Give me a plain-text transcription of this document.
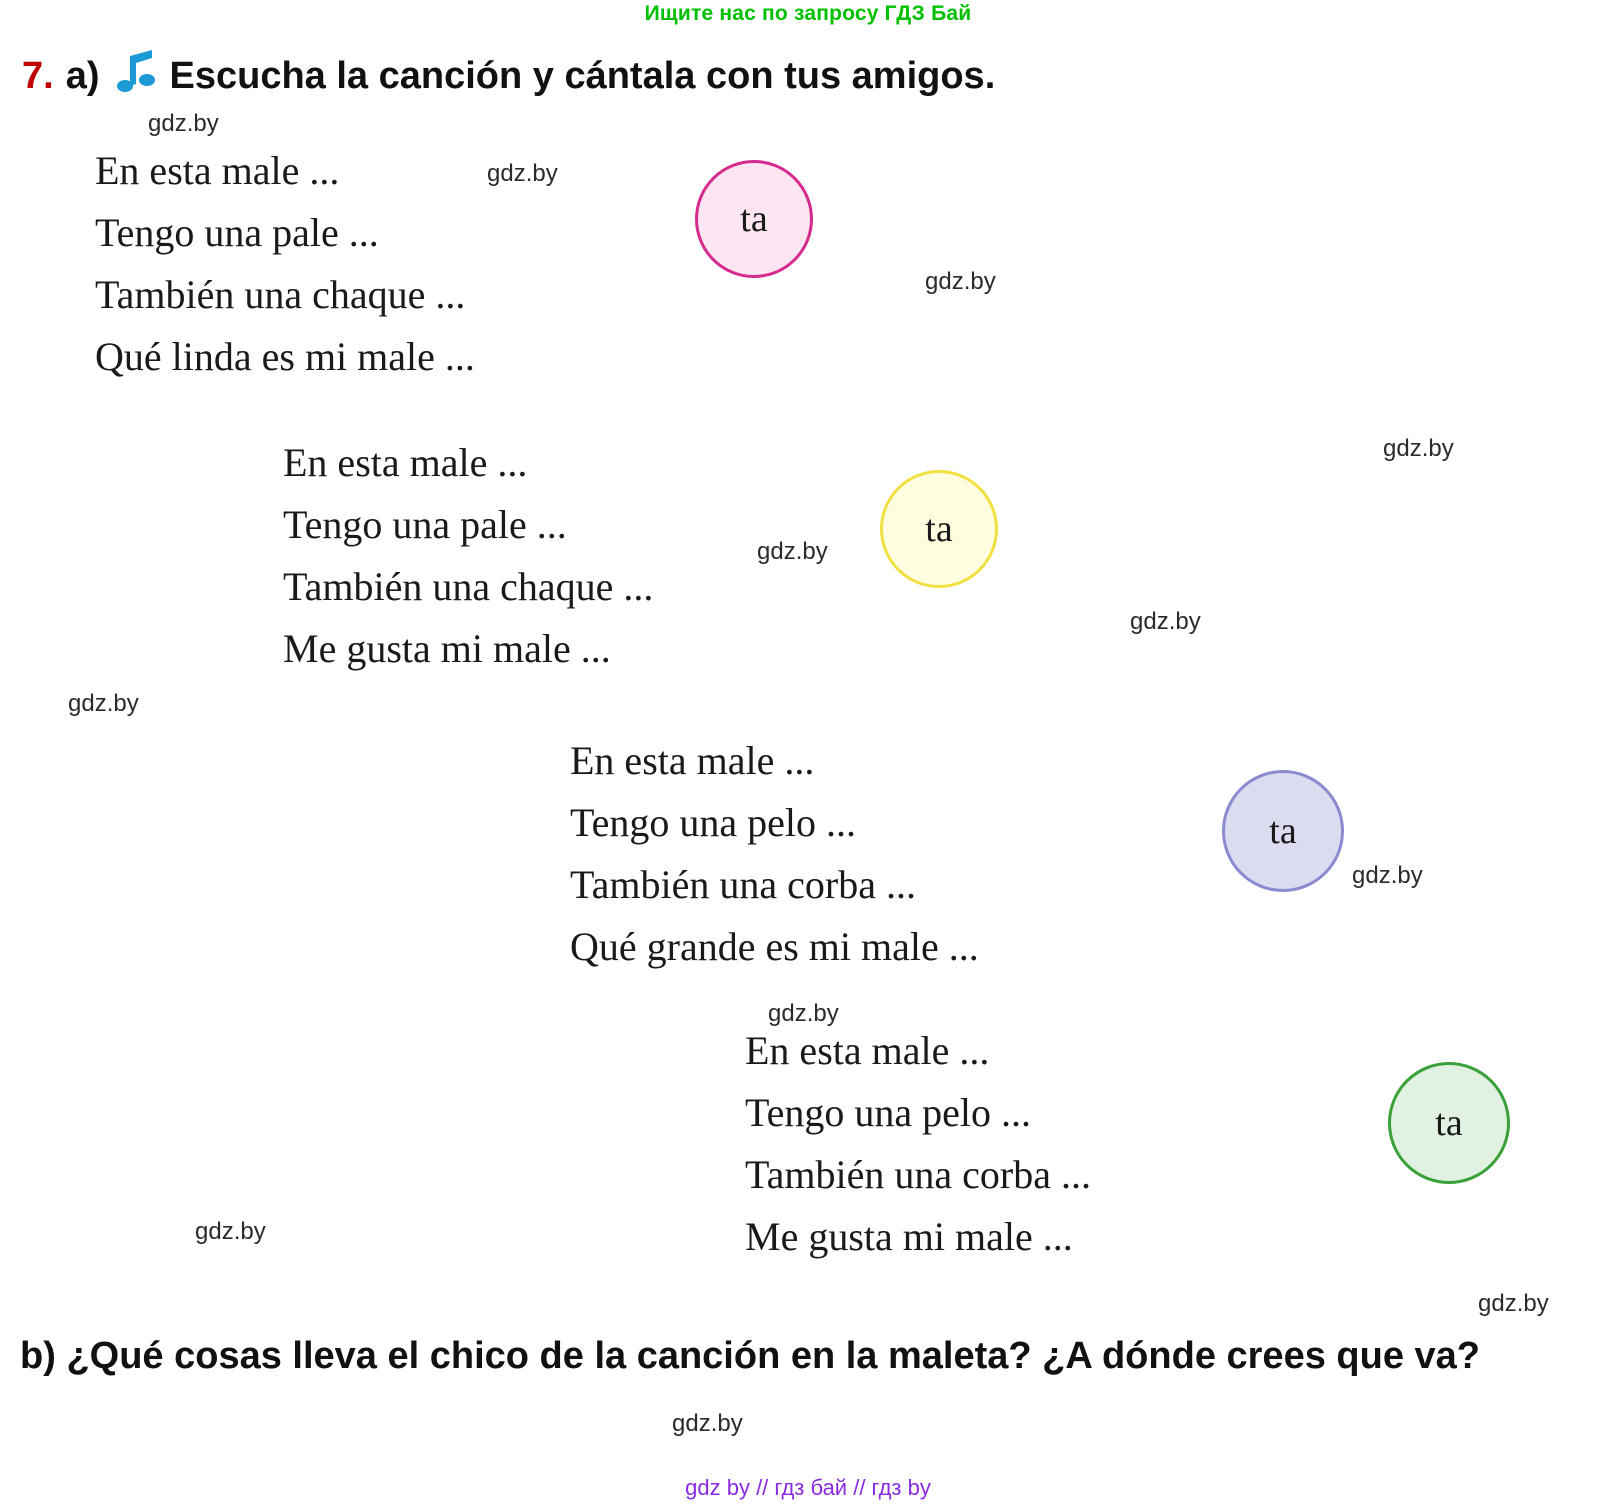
Ищите нас по запросу ГДЗ Бай
7. a) Escucha la canción y cántala con tus amigos .
En esta male ...
Tengo una pale ...
También una chaque ...
Qué linda es mi male ...
En esta male ...
Tengo una pale ...
También una chaque ...
Me gusta mi male ...
En esta male ...
Tengo una pelo ...
También una corba ...
Qué grande es mi male ...
En esta male ...
Tengo una pelo ...
También una corba ...
Me gusta mi male ...
ta
ta
ta
ta
gdz.by
gdz.by
gdz.by
gdz.by
gdz.by
gdz.by
gdz.by
gdz.by
gdz.by
gdz.by
gdz.by
gdz.by
b) ¿Qué cosas lleva el chico de la canción en la maleta? ¿A dónde crees que va?
gdz by // гдз бай // гдз by
